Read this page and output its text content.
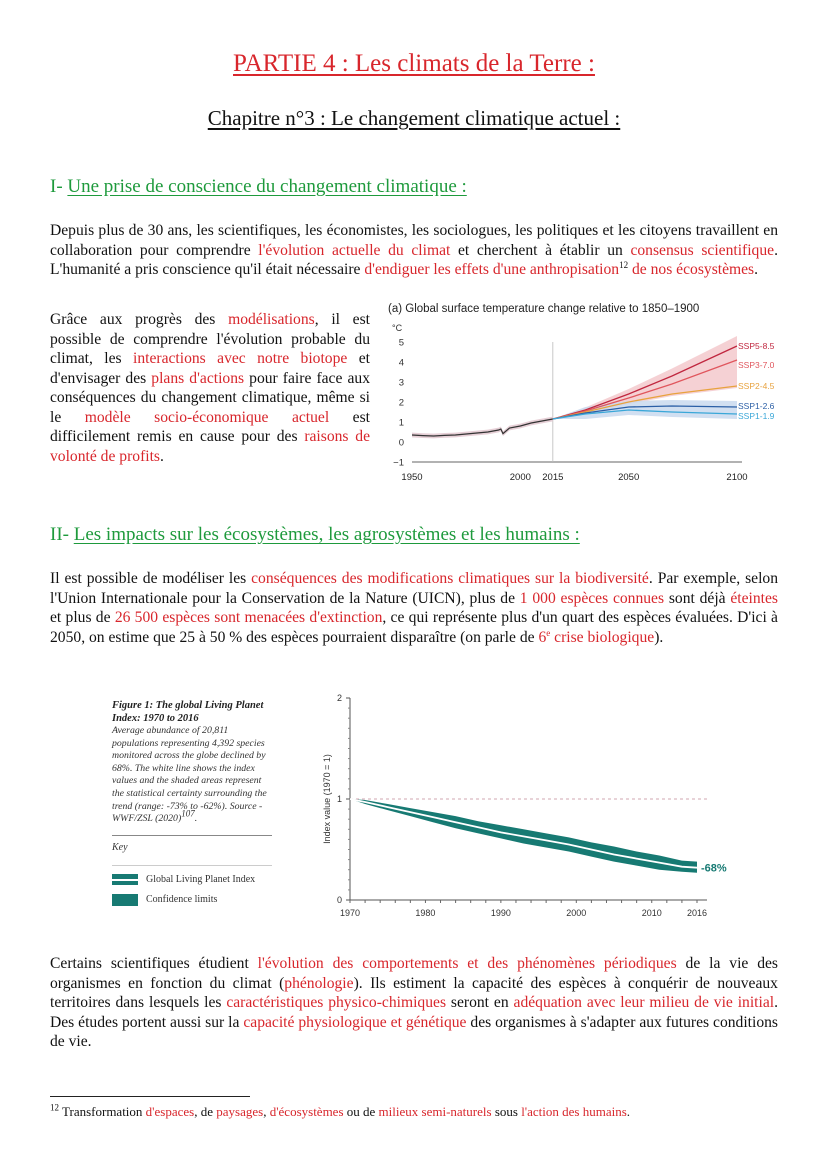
PARTIE 4 : Les climats de la Terre :
Chapitre n°3 : Le changement climatique actuel :
I- Une prise de conscience du changement climatique :
Depuis plus de 30 ans, les scientifiques, les économistes, les sociologues, les politiques et les citoyens travaillent en collaboration pour comprendre l'évolution actuelle du climat et cherchent à établir un consensus scientifique. L'humanité a pris conscience qu'il était nécessaire d'endiguer les effets d'une anthropisation$^{12}$ de nos écosystèmes.
Grâce aux progrès des modélisations, il est possible de comprendre l'évolution probable du climat, les interactions avec notre biotope et d'envisager des plans d'actions pour faire face aux conséquences du changement climatique, même si le modèle socio-économique actuel est difficilement remis en cause pour des raisons de volonté de profits.
(a) Global surface temperature change relative to 1850–1900
°C
−1
0
1
2
3
4
5
1950	2000 2015	2050	2100
SSP5-8.5
SSP3-7.0
SSP2-4.5
SSP1-2.6
SSP1-1.9
II- Les impacts sur les écosystèmes, les agrosystèmes et les humains :
Il est possible de modéliser les conséquences des modifications climatiques sur la biodiversité. Par exemple, selon l'Union Internationale pour la Conservation de la Nature (UICN), plus de 1 000 espèces connues sont déjà éteintes et plus de 26 500 espèces sont menacées d'extinction, ce qui représente plus d'un quart des espèces évaluées. D'ici à 2050, on estime que 25 à 50 % des espèces pourraient disparaître (on parle de 6e crise biologique).
Figure 1: The global Living Planet Index: 1970 to 2016
Average abundance of 20,811 populations representing 4,392 species monitored across the globe declined by 68%. The white line shows the index values and the shaded areas represent the statistical certainty surrounding the trend (range: -73% to -62%). Source - WWF/ZSL $(2020)^{107}$.
Key
Global Living Planet Index
Confidence limits	0
1
2
Index value (1970 = 1)
1970	1980	1990	2000	2010	2016
-68%
Certains scientifiques étudient l'évolution des comportements et des phénomènes périodiques de la vie des organismes en fonction du climat (phénologie). Ils estiment la capacité des espèces à conquérir de nouveaux territoires dans lesquels les caractéristiques physico-chimiques seront en adéquation avec leur milieu de vie initial. Des études portent aussi sur la capacité physiologique et génétique des organismes à s'adapter aux futures conditions de vie.
$^{12}$ Transformation d'espaces, de paysages, d'écosystèmes ou de milieux semi-naturels sous l'action des humains.
